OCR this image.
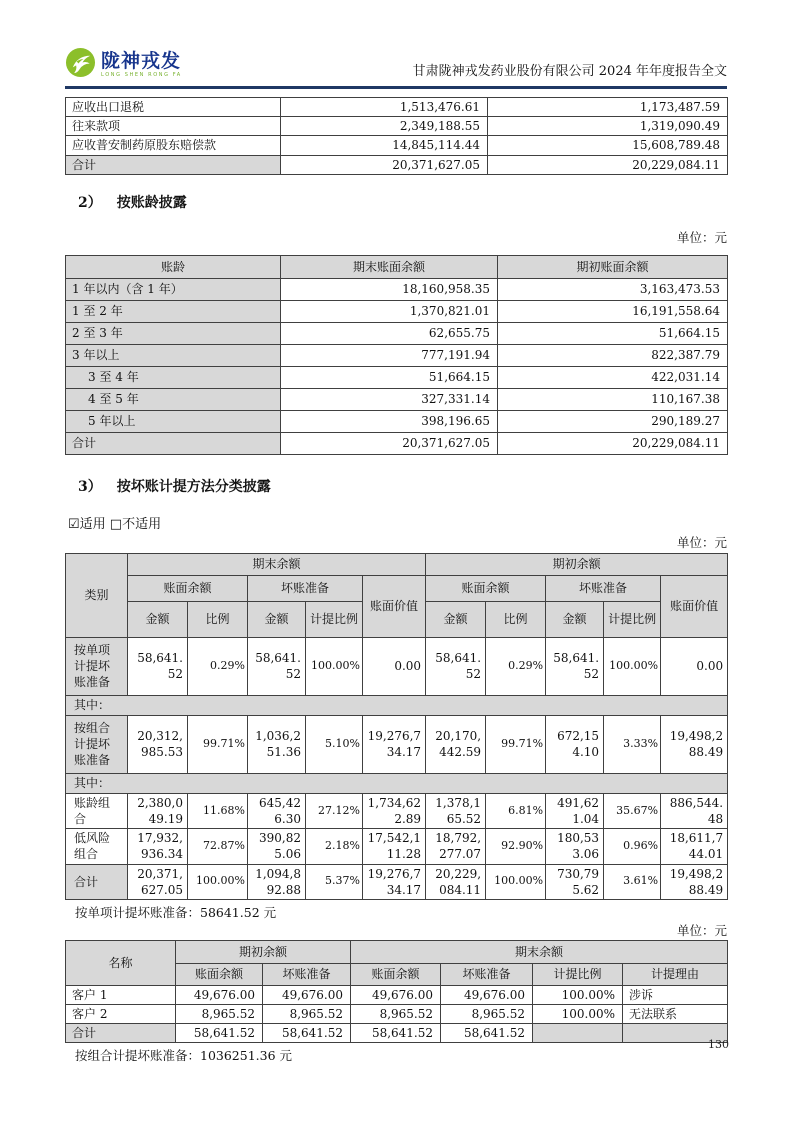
陇神戎发
LONG SHEN RONG FA	甘肃陇神戎发药业股份有限公司 2024 年年度报告全文
应收出口退税	1,513,476.61	1,173,487.59
往来款项	2,349,188.55	1,319,090.49
应收普安制药原股东赔偿款	14,845,114.44	15,608,789.48
合计	20,371,627.05	20,229,084.11
2） 按账龄披露
单位：元
账龄	期末账面余额	期初账面余额
1 年以内（含 1 年）	18,160,958.35	3,163,473.53
1 至 2 年	1,370,821.01	16,191,558.64
2 至 3 年	62,655.75	51,664.15
3 年以上	777,191.94	822,387.79
3 至 4 年	51,664.15	422,031.14
4 至 5 年	327,331.14	110,167.38
5 年以上	398,196.65	290,189.27
合计	20,371,627.05	20,229,084.11
3） 按坏账计提方法分类披露
☑适用 □不适用
单位：元
类别	期末余额					期初余额				
	账面余额		坏账准备		账面价值	账面余额		坏账准备		账面价值
	金额	比例	金额	计提比例		金额	比例	金额	计提比例	
按单项计提坏账准备	58,641.52	0.29%	58,641.52	100.00%	0.00	58,641.52	0.29%	58,641.52	100.00%	0.00
其中：										
按组合计提坏账准备	20,312,985.53	99.71%	1,036,251.36	5.10%	19,276,734.17	20,170,442.59	99.71%	672,154.10	3.33%	19,498,288.49
其中：										
账龄组合	2,380,049.19	11.68%	645,426.30	27.12%	1,734,622.89	1,378,165.52	6.81%	491,621.04	35.67%	886,544.48
低风险组合	17,932,936.34	72.87%	390,825.06	2.18%	17,542,111.28	18,792,277.07	92.90%	180,533.06	0.96%	18,611,744.01
合计	20,371,627.05	100.00%	1,094,892.88	5.37%	19,276,734.17	20,229,084.11	100.00%	730,795.62	3.61%	19,498,288.49
按单项计提坏账准备：58641.52 元
单位：元
名称	期初余额		期末余额			
	账面余额	坏账准备	账面余额	坏账准备	计提比例	计提理由
客户 1	49,676.00	49,676.00	49,676.00	49,676.00	100.00%	涉诉
客户 2	8,965.52	8,965.52	8,965.52	8,965.52	100.00%	无法联系
合计	58,641.52	58,641.52	58,641.52	58,641.52		
按组合计提坏账准备：1036251.36 元
130
